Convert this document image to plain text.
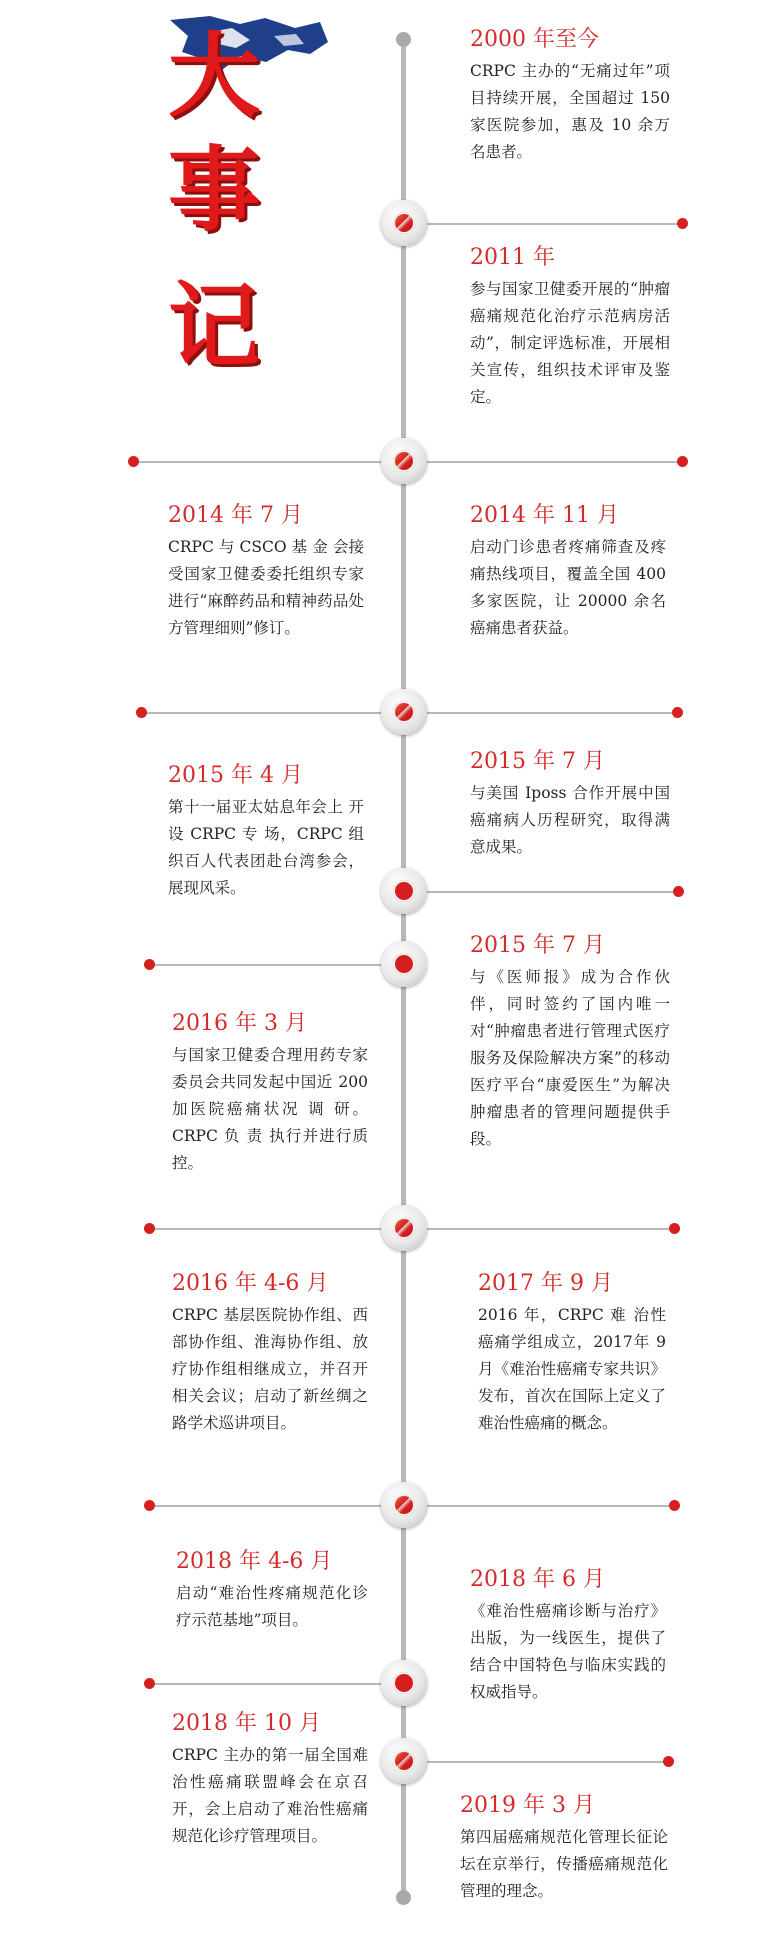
大
事
记
2000 年至今
CRPC 主办的“无痛过年”项目持续开展，全国超过 150 家医院参加，惠及 10 余万名患者。
2011 年
参与国家卫健委开展的“肿瘤癌痛规范化治疗示范病房活动”，制定评选标准，开展相关宣传，组织技术评审及鉴定。
2014 年 7 月
CRPC 与 CSCO 基 金 会接受国家卫健委委托组织专家进行“麻醉药品和精神药品处方管理细则”修订。
2014 年 11 月
启动门诊患者疼痛筛查及疼痛热线项目，覆盖全国 400 多家医院，让 20000 余名癌痛患者获益。
2015 年 4 月
第十一届亚太姑息年会上 开 设 CRPC 专 场，CRPC 组织百人代表团赴台湾参会，展现风采。
2015 年 7 月
与美国 Iposs 合作开展中国癌痛病人历程研究，取得满意成果。
2015 年 7 月
与《医师报》成为合作伙伴，同时签约了国内唯一对“肿瘤患者进行管理式医疗服务及保险解决方案”的移动医疗平台“康爱医生”为解决肿瘤患者的管理问题提供手段。
2016 年 3 月
与国家卫健委合理用药专家委员会共同发起中国近 200 加医院癌痛状况 调 研。CRPC 负 责 执行并进行质控。
2016 年 4-6 月
CRPC 基层医院协作组、西部协作组、淮海协作组、放疗协作组相继成立，并召开相关会议；启动了新丝绸之路学术巡讲项目。
2017 年 9 月
2016 年，CRPC 难 治性癌痛学组成立，2017年 9 月《难治性癌痛专家共识》发布，首次在国际上定义了难治性癌痛的概念。
2018 年 4-6 月
启动“难治性疼痛规范化诊疗示范基地”项目。
2018 年 6 月
《难治性癌痛诊断与治疗》出版，为一线医生，提供了结合中国特色与临床实践的权威指导。
2018 年 10 月
CRPC 主办的第一届全国难治性癌痛联盟峰会在京召开，会上启动了难治性癌痛规范化诊疗管理项目。
2019 年 3 月
第四届癌痛规范化管理长征论坛在京举行，传播癌痛规范化管理的理念。
